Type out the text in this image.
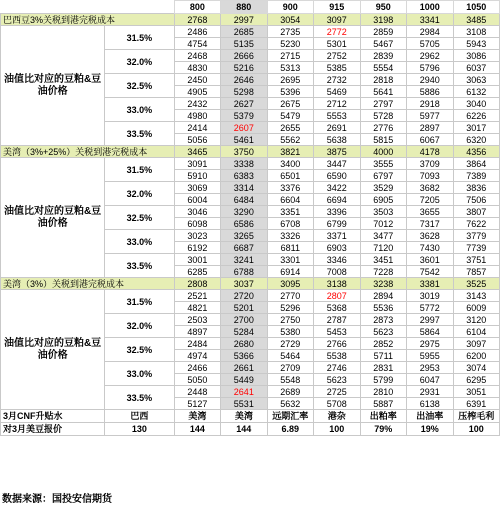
		800	880	900	915	950	1000	1050
巴西豆3%关税到港完税成本		2768	2997	3054	3097	3198	3341	3485
油值比对应的豆粕&豆油价格	31.5%	2486	2685	2735	2772	2859	2984	3108
		4754	5135	5230	5301	5467	5705	5943
	32.0%	2468	2666	2715	2752	2839	2962	3086
		4830	5216	5313	5385	5554	5796	6037
	32.5%	2450	2646	2695	2732	2818	2940	3063
		4905	5298	5396	5469	5641	5886	6132
	33.0%	2432	2627	2675	2712	2797	2918	3040
		4980	5379	5479	5553	5728	5977	6226
	33.5%	2414	2607	2655	2691	2776	2897	3017
		5056	5461	5562	5638	5815	6067	6320
美湾（3%+25%）关税到港完税成本		3465	3750	3821	3875	4000	4178	4356
油值比对应的豆粕&豆油价格	31.5%	3091	3338	3400	3447	3555	3709	3864
		5910	6383	6501	6590	6797	7093	7389
	32.0%	3069	3314	3376	3422	3529	3682	3836
		6004	6484	6604	6694	6905	7205	7506
	32.5%	3046	3290	3351	3396	3503	3655	3807
		6098	6586	6708	6799	7012	7317	7622
	33.0%	3023	3265	3326	3371	3477	3628	3779
		6192	6687	6811	6903	7120	7430	7739
	33.5%	3001	3241	3301	3346	3451	3601	3751
		6285	6788	6914	7008	7228	7542	7857
美湾（3%）关税到港完税成本		2808	3037	3095	3138	3238	3381	3525
油值比对应的豆粕&豆油价格	31.5%	2521	2720	2770	2807	2894	3019	3143
		4821	5201	5296	5368	5536	5772	6009
	32.0%	2503	2700	2750	2787	2873	2997	3120
		4897	5284	5380	5453	5623	5864	6104
	32.5%	2484	2680	2729	2766	2852	2975	3097
		4974	5366	5464	5538	5711	5955	6200
	33.0%	2466	2661	2709	2746	2831	2953	3074
		5050	5449	5548	5623	5799	6047	6295
	33.5%	2448	2641	2689	2725	2810	2931	3051
		5127	5531	5632	5708	5887	6138	6391
3月CNF升贴水	巴西	美湾	美湾	远期汇率	港杂	出粕率	出油率	压榨毛利
对3月美豆报价	130	144	144	6.89	100	79%	19%	100
数据来源：国投安信期货
